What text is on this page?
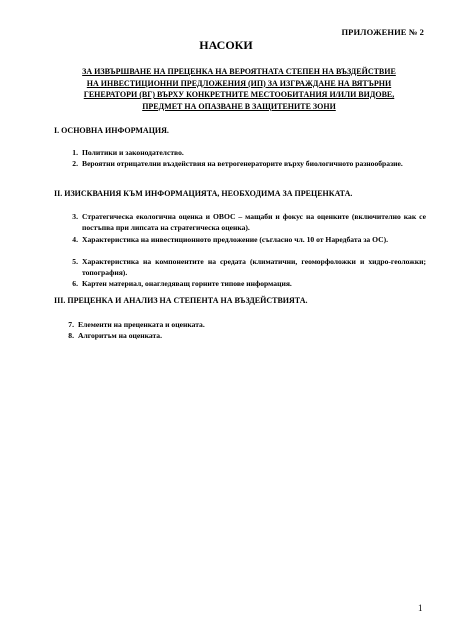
ПРИЛОЖЕНИЕ № 2
НАСОКИ
ЗА ИЗВЪРШВАНЕ НА ПРЕЦЕНКА НА ВЕРОЯТНАТА СТЕПЕН НА ВЪЗДЕЙСТВИЕ
НА ИНВЕСТИЦИОННИ ПРЕДЛОЖЕНИЯ (ИП) ЗА ИЗГРАЖДАНЕ НА ВЯТЪРНИ
ГЕНЕРАТОРИ (ВГ) ВЪРХУ КОНКРЕТНИТЕ МЕСТООБИТАНИЯ И/ИЛИ ВИДОВЕ,
ПРЕДМЕТ НА ОПАЗВАНЕ В ЗАЩИТЕНИТЕ ЗОНИ
I. ОСНОВНА ИНФОРМАЦИЯ.
1. Политики и законодателство.
2. Вероятни отрицателни въздействия на ветрогенераторите върху биологичното разнообразие.
II. ИЗИСКВАНИЯ КЪМ ИНФОРМАЦИЯТА, НЕОБХОДИМА ЗА ПРЕЦЕНКАТА.
3. Стратегическа екологична оценка и ОВОС – мащаби и фокус на оценките (включително как се постъпва при липсата на стратегическа оценка).
4. Характеристика на инвестиционното предложение (съгласно чл. 10 от Наредбата за ОС).
5. Характеристика на компонентите на средата (климатични, геоморфоложки и хидро-геоложки; топография).
6. Картен материал, онагледяващ горните типове информация.
III. ПРЕЦЕНКА И АНАЛИЗ НА СТЕПЕНТА НА ВЪЗДЕЙСТВИЯТА.
7. Елементи на преценката и оценката.
8. Алгоритъм на оценката.
1
